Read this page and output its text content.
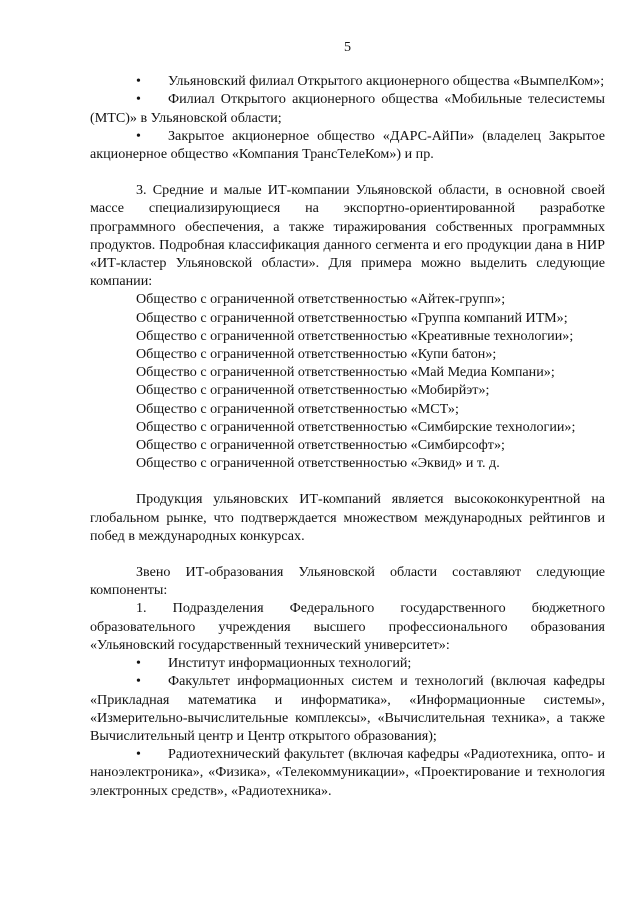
5

• Ульяновский филиал Открытого акционерного общества «ВымпелКом»;

• Филиал Открытого акционерного общества «Мобильные телесистемы (МТС)» в Ульяновской области;

• Закрытое акционерное общество «ДАРС-АйПи» (владелец Закрытое акционерное общество «Компания ТрансТелеКом») и пр.

3. Средние и малые ИТ-компании Ульяновской области, в основной своей массе специализирующиеся на экспортно-ориентированной разработке программного обеспечения, а также тиражирования собственных программных продуктов. Подробная классификация данного сегмента и его продукции дана в НИР «ИТ-кластер Ульяновской области». Для примера можно выделить следующие компании:

Общество с ограниченной ответственностью «Айтек-групп»;
Общество с ограниченной ответственностью «Группа компаний ИТМ»;
Общество с ограниченной ответственностью «Креативные технологии»;
Общество с ограниченной ответственностью «Купи батон»;
Общество с ограниченной ответственностью «Май Медиа Компани»;
Общество с ограниченной ответственностью «Мобирйэт»;
Общество с ограниченной ответственностью «МСТ»;
Общество с ограниченной ответственностью «Симбирские технологии»;
Общество с ограниченной ответственностью «Симбирсофт»;
Общество с ограниченной ответственностью «Эквид» и т. д.

Продукция ульяновских ИТ-компаний является высококонкурентной на глобальном рынке, что подтверждается множеством международных рейтингов и побед в международных конкурсах.

Звено ИТ-образования Ульяновской области составляют следующие компоненты:

1. Подразделения Федерального государственного бюджетного образовательного учреждения высшего профессионального образования «Ульяновский государственный технический университет»:

• Институт информационных технологий;

• Факультет информационных систем и технологий (включая кафедры «Прикладная математика и информатика», «Информационные системы», «Измерительно-вычислительные комплексы», «Вычислительная техника», а также Вычислительный центр и Центр открытого образования);

• Радиотехнический факультет (включая кафедры «Радиотехника, опто- и наноэлектроника», «Физика», «Телекоммуникации», «Проектирование и технология электронных средств», «Радиотехника».
